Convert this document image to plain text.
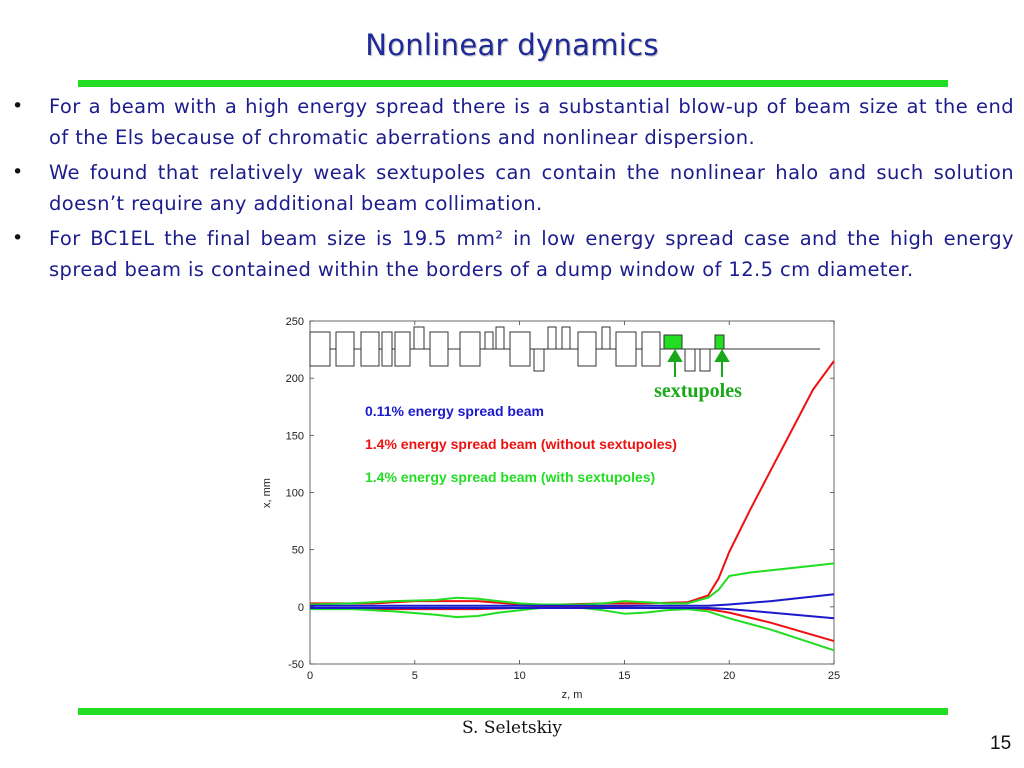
Nonlinear dynamics
• For a beam with a high energy spread there is a substantial blow-up of beam size at the end of the Els because of chromatic aberrations and nonlinear dispersion.
• We found that relatively weak sextupoles can contain the nonlinear halo and such solution doesn’t require any additional beam collimation.
• For BC1EL the final beam size is 19.5 mm² in low energy spread case and the high energy spread beam is contained within the borders of a dump window of 12.5 cm diameter.
sextupoles
0	5	10	15	20	25
-50
0
50
100
150
200
250
z, m
x, mm
0.11% energy spread beam
1.4% energy spread beam (without sextupoles)
1.4% energy spread beam (with sextupoles)
S. Seletskiy
15
